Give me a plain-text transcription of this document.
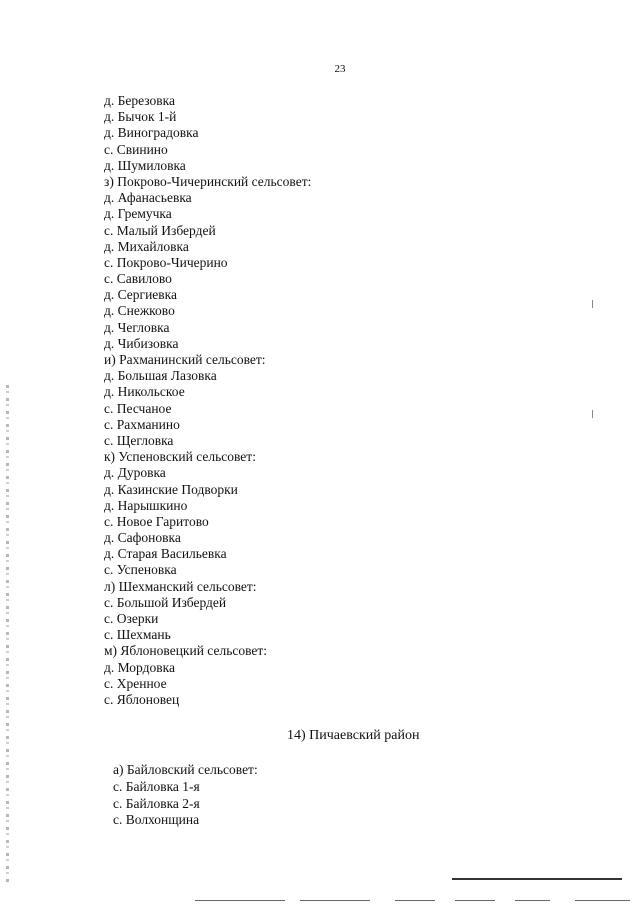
23
д. Березовка
д. Бычок 1-й
д. Виноградовка
с. Свинино
д. Шумиловка
з) Покрово-Чичеринский сельсовет:
д. Афанасьевка
д. Гремучка
с. Малый Избердей
д. Михайловка
с. Покрово-Чичерино
с. Савилово
д. Сергиевка
д. Снежково
д. Чегловка
д. Чибизовка
и) Рахманинский сельсовет:
д. Большая Лазовка
д. Никольское
с. Песчаное
с. Рахманино
с. Щегловка
к) Успеновский сельсовет:
д. Дуровка
д. Казинские Подворки
д. Нарышкино
с. Новое Гаритово
д. Сафоновка
д. Старая Васильевка
с. Успеновка
л) Шехманский сельсовет:
с. Большой Избердей
с. Озерки
с. Шехмань
м) Яблоновецкий сельсовет:
д. Мордовка
с. Хренное
с. Яблоновец
14) Пичаевский район
а) Байловский сельсовет:
с. Байловка 1-я
с. Байловка 2-я
с. Волхонщина
